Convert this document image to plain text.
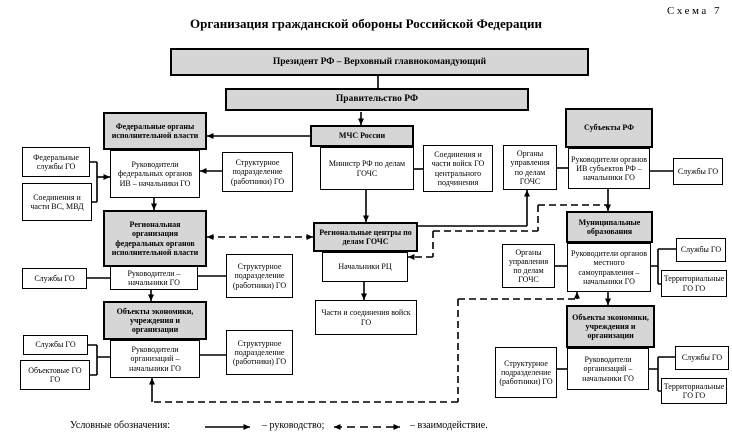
Схема 7
Организация гражданской обороны Российской Федерации
Президент РФ – Верховный главнокомандующий
Правительство РФ
Федеральные органы исполнительной власти
Руководители федеральных органов ИВ – начальники ГО
Федеральные службы ГО
Соединения и части ВС, МВД
Структурное подразделение (работники) ГО
Региональная организация федеральных органов исполнительной власти
Руководители – начальники ГО
Службы ГО
Структурное подразделение (работники) ГО
Объекты экономики, учреждения и организации
Руководители организаций – начальники ГО
Службы ГО
Объектовые ГО ГО
Структурное подразделение (работники) ГО
МЧС России
Министр РФ по делам ГОЧС
Соединения и части войск ГО центрального подчинения
Органы управления по делам ГОЧС
Региональные центры по делам ГОЧС
Начальники РЦ
Части и соединения войск ГО
Органы управления по делам ГОЧС
Субъекты РФ
Руководители органов ИВ субъектов РФ – начальники ГО
Службы ГО
Муниципальные образования
Руководители органов местного самоуправления – начальники ГО
Службы ГО
Территориальные ГО ГО
Объекты экономики, учреждения и организации
Руководители организаций – начальники ГО
Структурное подразделение (работники) ГО
Службы ГО
Территориальные ГО ГО
Условные обозначения:	– руководство;	– взаимодействие.
